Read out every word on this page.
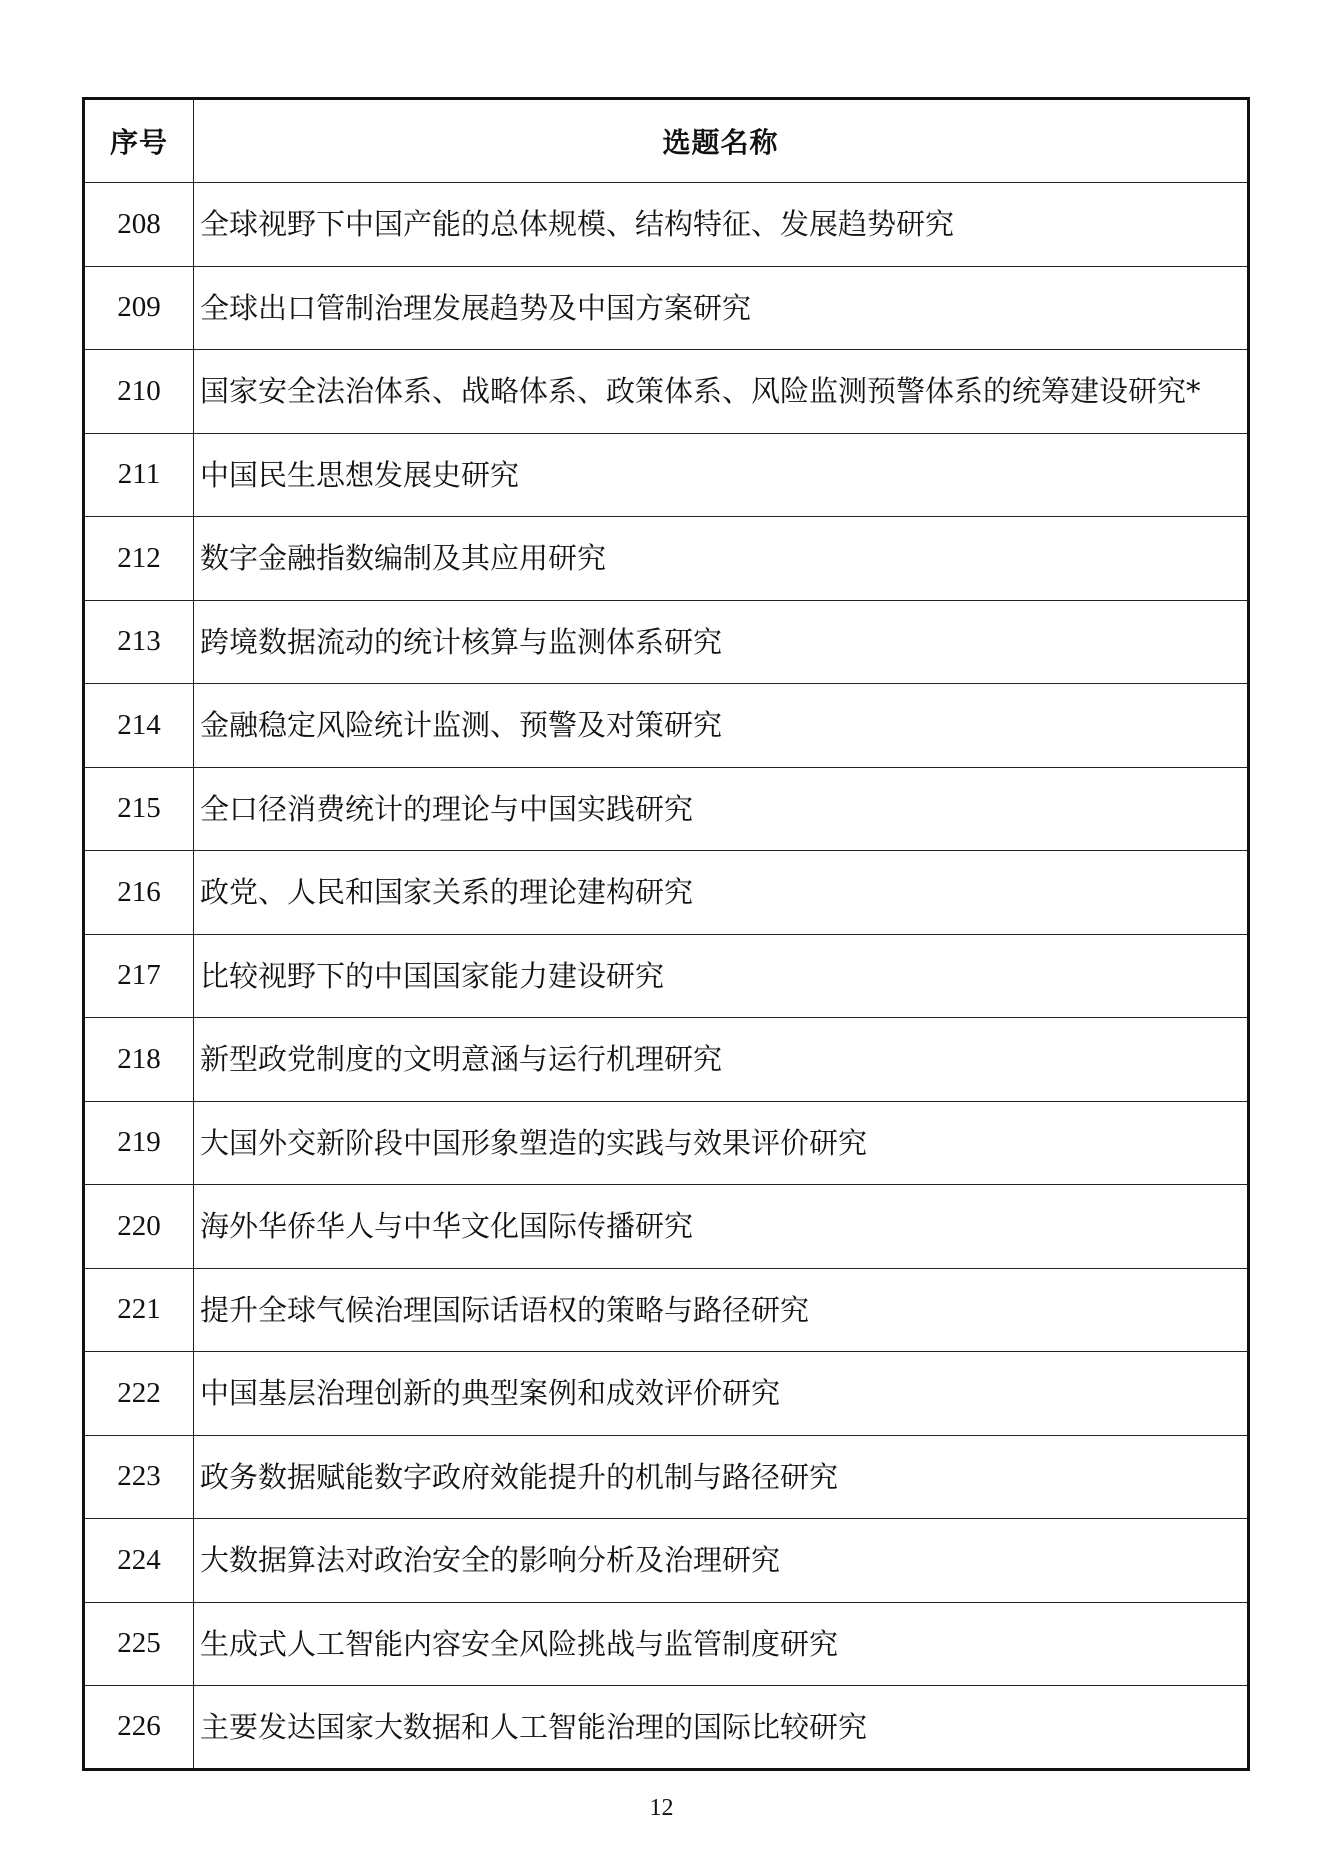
序号	选题名称
208	全球视野下中国产能的总体规模、结构特征、发展趋势研究
209	全球出口管制治理发展趋势及中国方案研究
210	国家安全法治体系、战略体系、政策体系、风险监测预警体系的统筹建设研究*
211	中国民生思想发展史研究
212	数字金融指数编制及其应用研究
213	跨境数据流动的统计核算与监测体系研究
214	金融稳定风险统计监测、预警及对策研究
215	全口径消费统计的理论与中国实践研究
216	政党、人民和国家关系的理论建构研究
217	比较视野下的中国国家能力建设研究
218	新型政党制度的文明意涵与运行机理研究
219	大国外交新阶段中国形象塑造的实践与效果评价研究
220	海外华侨华人与中华文化国际传播研究
221	提升全球气候治理国际话语权的策略与路径研究
222	中国基层治理创新的典型案例和成效评价研究
223	政务数据赋能数字政府效能提升的机制与路径研究
224	大数据算法对政治安全的影响分析及治理研究
225	生成式人工智能内容安全风险挑战与监管制度研究
226	主要发达国家大数据和人工智能治理的国际比较研究
12
